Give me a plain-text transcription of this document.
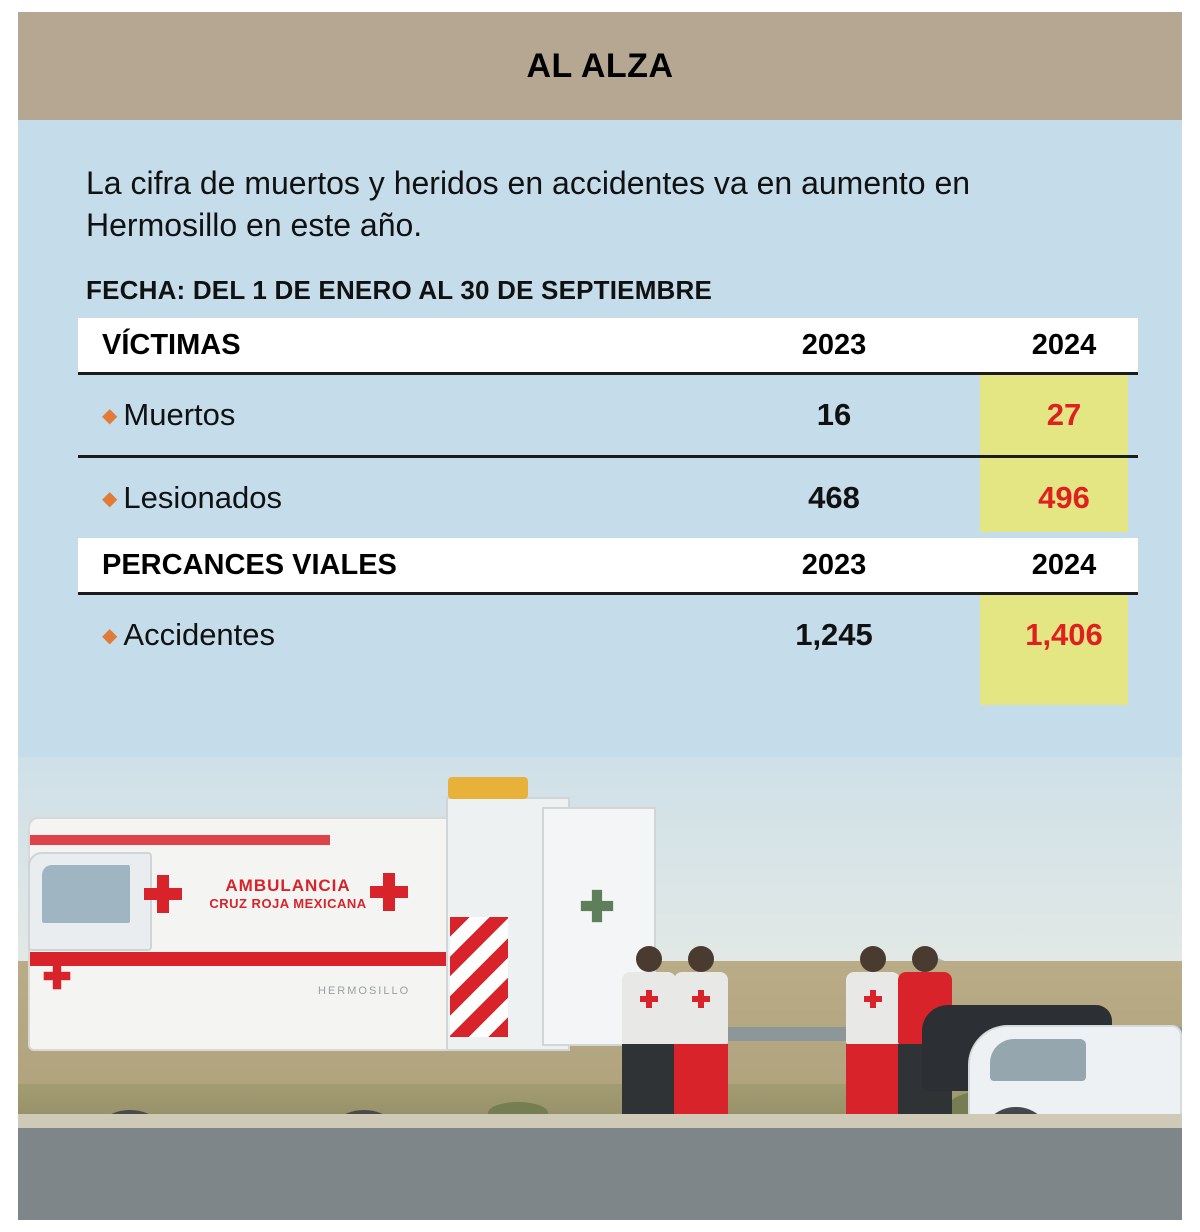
AL ALZA
La cifra de muertos y heridos en accidentes va en aumento en Hermosillo en este año.
FECHA: DEL 1 DE ENERO AL 30 DE SEPTIEMBRE
VÍCTIMAS	2023	2024
◆ Muertos	16	27
◆ Lesionados	468	496
PERCANCES VIALES	2023	2024
◆ Accidentes	1,245	1,406
AMBULANCIA
CRUZ ROJA MEXICANA
HERMOSILLO
